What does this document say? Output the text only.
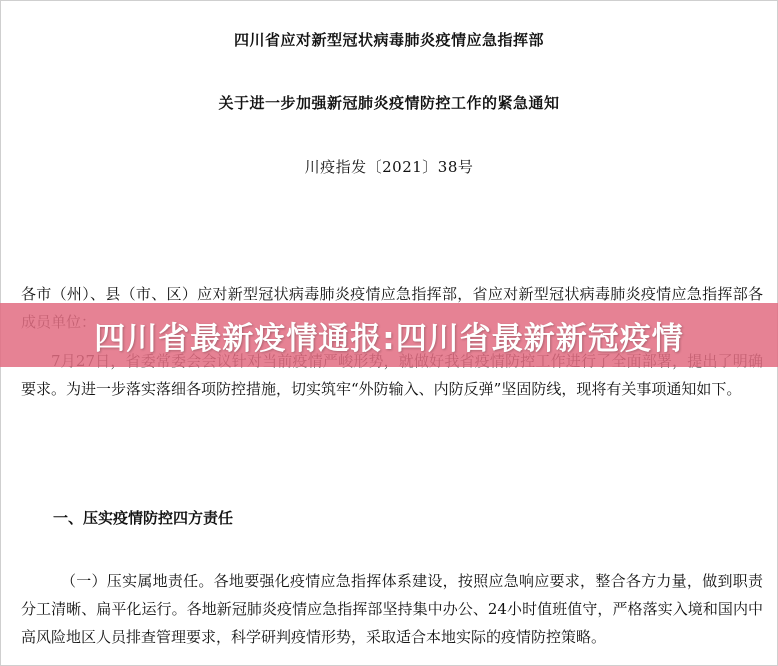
四川省应对新型冠状病毒肺炎疫情应急指挥部
关于进一步加强新冠肺炎疫情防控工作的紧急通知
川疫指发〔2021〕38号
各市（州）、县（市、区）应对新型冠状病毒肺炎疫情应急指挥部，省应对新型冠状病毒肺炎疫情应急指挥部各
要求。为进一步落实落细各项防控措施，切实筑牢“外防输入、内防反弹”坚固防线，现将有关事项通知如下。
一、压实疫情防控四方责任
（一）压实属地责任。各地要强化疫情应急指挥体系建设，按照应急响应要求，整合各方力量，做到职责分工清晰、扁平化运行。各地新冠肺炎疫情应急指挥部坚持集中办公、24小时值班值守，严格落实入境和国内中高风险地区人员排查管理要求，科学研判疫情形势，采取适合本地实际的疫情防控策略。
四川省最新疫情通报:四川省最新新冠疫情
